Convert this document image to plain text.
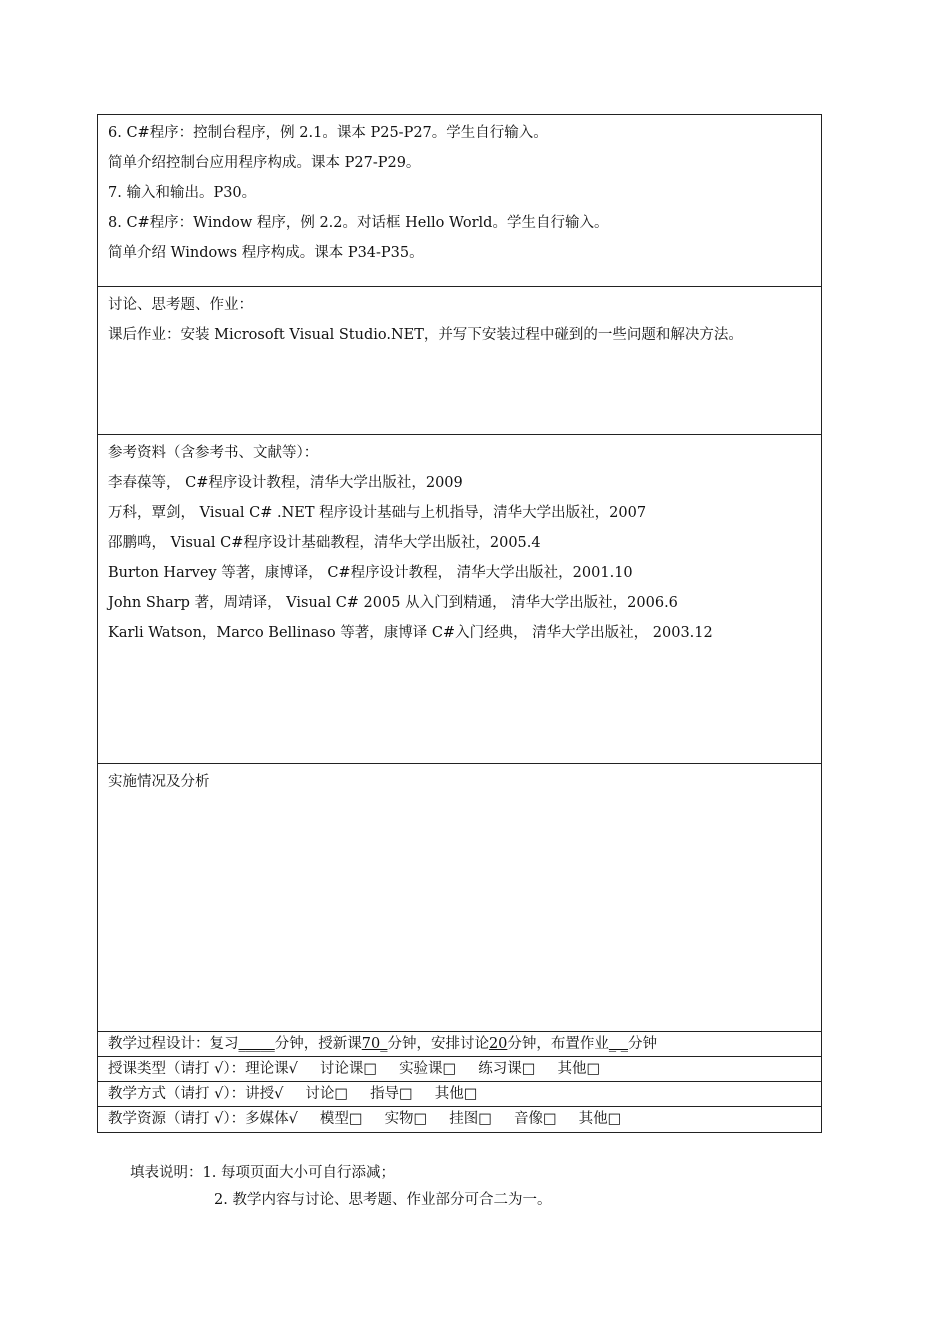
6. C#程序：控制台程序，例 2.1。课本 P25-P27。学生自行输入。
简单介绍控制台应用程序构成。课本 P27-P29。
7. 输入和输出。P30。
8. C#程序：Window 程序，例 2.2。对话框 Hello World。学生自行输入。
简单介绍 Windows 程序构成。课本 P34-P35。
讨论、思考题、作业：
课后作业：安装 Microsoft Visual Studio.NET，并写下安装过程中碰到的一些问题和解决方法。
参考资料（含参考书、文献等）：
李春葆等， C#程序设计教程，清华大学出版社，2009
万科，覃剑， Visual C# .NET 程序设计基础与上机指导，清华大学出版社，2007
邵鹏鸣， Visual C#程序设计基础教程，清华大学出版社，2005.4
Burton Harvey 等著，康博译， C#程序设计教程， 清华大学出版社，2001.10
John Sharp 著，周靖译， Visual C# 2005 从入门到精通， 清华大学出版社，2006.6
Karli Watson，Marco Bellinaso 等著，康博译 C#入门经典， 清华大学出版社， 2003.12
实施情况及分析
教学过程设计：复习_____分钟，授新课70_分钟，安排讨论20分钟，布置作业_ _分钟
授课类型（请打 √）：理论课√ 讨论课□ 实验课□ 练习课□ 其他□
教学方式（请打 √）：讲授√ 讨论□ 指导□ 其他□
教学资源（请打 √）：多媒体√ 模型□ 实物□ 挂图□ 音像□ 其他□
填表说明：1. 每项页面大小可自行添减；
2. 教学内容与讨论、思考题、作业部分可合二为一。
